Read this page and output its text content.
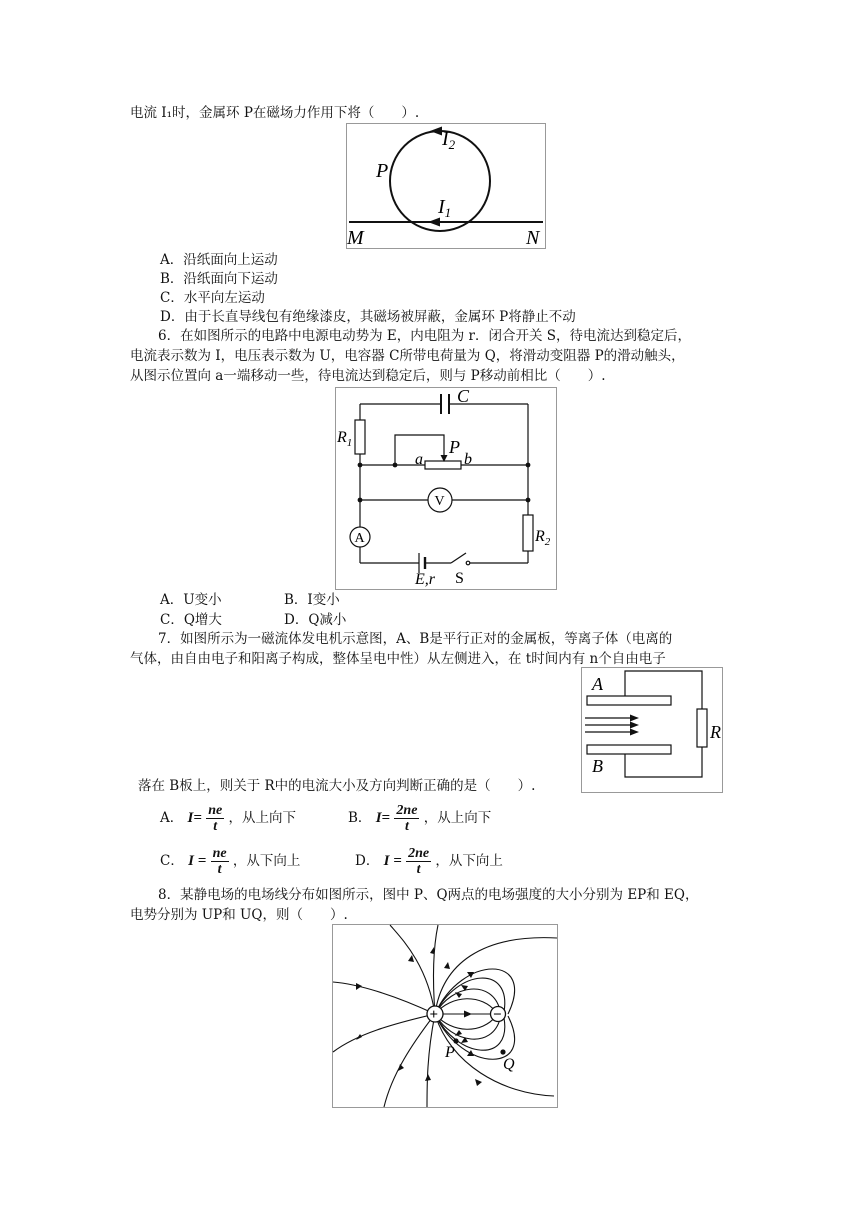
电流 I₁时，金属环 P在磁场力作用下将（　　）.
$I_2$
P
$I_1$
M	N
A．沿纸面向上运动
B．沿纸面向下运动
C．水平向左运动
D．由于长直导线包有绝缘漆皮，其磁场被屏蔽，金属环 P将静止不动
6．在如图所示的电路中电源电动势为 E，内电阻为 r．闭合开关 S，待电流达到稳定后，
电流表示数为 I，电压表示数为 U，电容器 C所带电荷量为 Q，将滑动变阻器 P的滑动触头，
从图示位置向 a一端移动一些，待电流达到稳定后，则与 P移动前相比（　　）.
C
$R_1$	P
a	b
V
A	$R_2$
E,r S
A．U变小	B．I变小
C．Q增大	D．Q减小
7．如图所示为一磁流体发电机示意图，A、B是平行正对的金属板，等离子体（电离的
气体，由自由电子和阳离子构成，整体呈电中性）从左侧进入，在 t时间内有 n个自由电子
A
B
R
落在 B板上，则关于 R中的电流大小及方向判断正确的是（　　）.
A． $I= \frac{ne}{t}$ ，从上向下	B． $I= \frac{2ne}{t}$ ，从上向下
C． $I = \frac{ne}{t}$ ，从下向上	D． $I = \frac{2ne}{t}$ ，从下向上
8．某静电场的电场线分布如图所示，图中 P、Q两点的电场强度的大小分别为 EP和 EQ，
电势分别为 UP和 UQ，则（　　）.
+	−
P
Q
